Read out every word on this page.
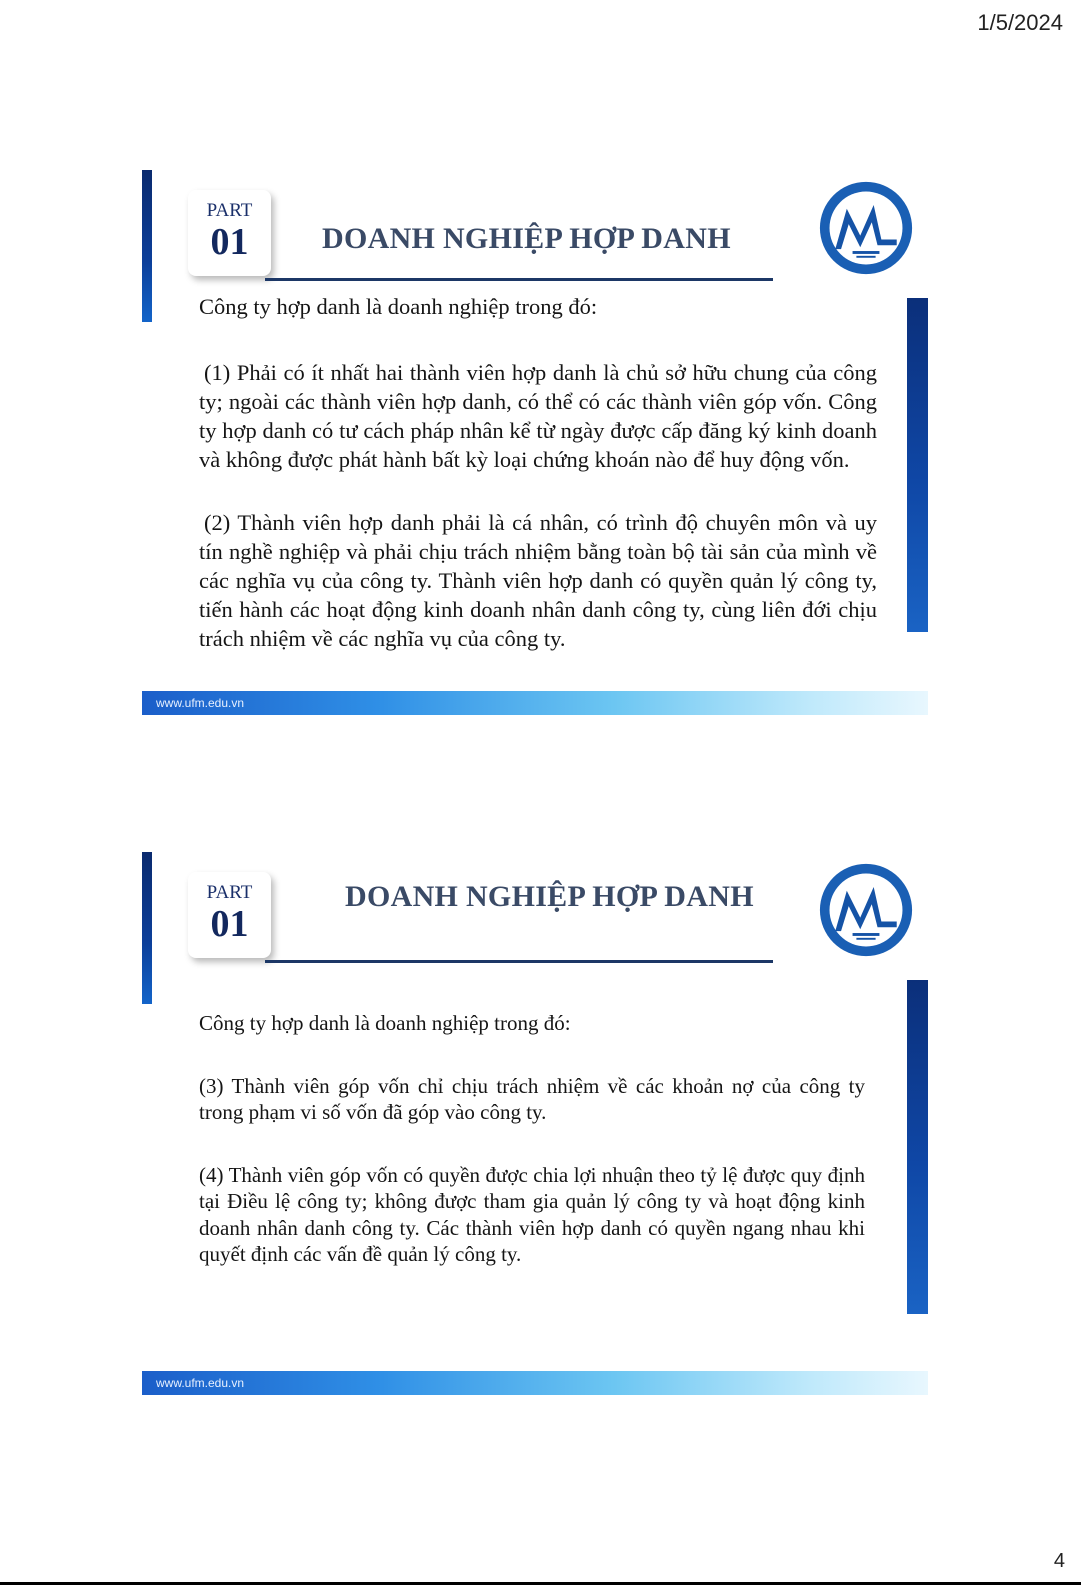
1/5/2024
PART
01	DOANH NGHIỆP HỢP DANH

Công ty hợp danh là doanh nghiệp trong đó:

(1) Phải có ít nhất hai thành viên hợp danh là chủ sở hữu chung của công ty; ngoài các thành viên hợp danh, có thể có các thành viên góp vốn. Công ty hợp danh có tư cách pháp nhân kể từ ngày được cấp đăng ký kinh doanh và không được phát hành bất kỳ loại chứng khoán nào để huy động vốn.

(2) Thành viên hợp danh phải là cá nhân, có trình độ chuyên môn và uy tín nghề nghiệp và phải chịu trách nhiệm bằng toàn bộ tài sản của mình về các nghĩa vụ của công ty. Thành viên hợp danh có quyền quản lý công ty, tiến hành các hoạt động kinh doanh nhân danh công ty, cùng liên đới chịu trách nhiệm về các nghĩa vụ của công ty.

www.ufm.edu.vn
PART
01
DOANH NGHIỆP HỢP DANH

Công ty hợp danh là doanh nghiệp trong đó:

(3) Thành viên góp vốn chỉ chịu trách nhiệm về các khoản nợ của công ty trong phạm vi số vốn đã góp vào công ty.

(4) Thành viên góp vốn có quyền được chia lợi nhuận theo tỷ lệ được quy định tại Điều lệ công ty; không được tham gia quản lý công ty và hoạt động kinh doanh nhân danh công ty. Các thành viên hợp danh có quyền ngang nhau khi quyết định các vấn đề quản lý công ty.

www.ufm.edu.vn
4
